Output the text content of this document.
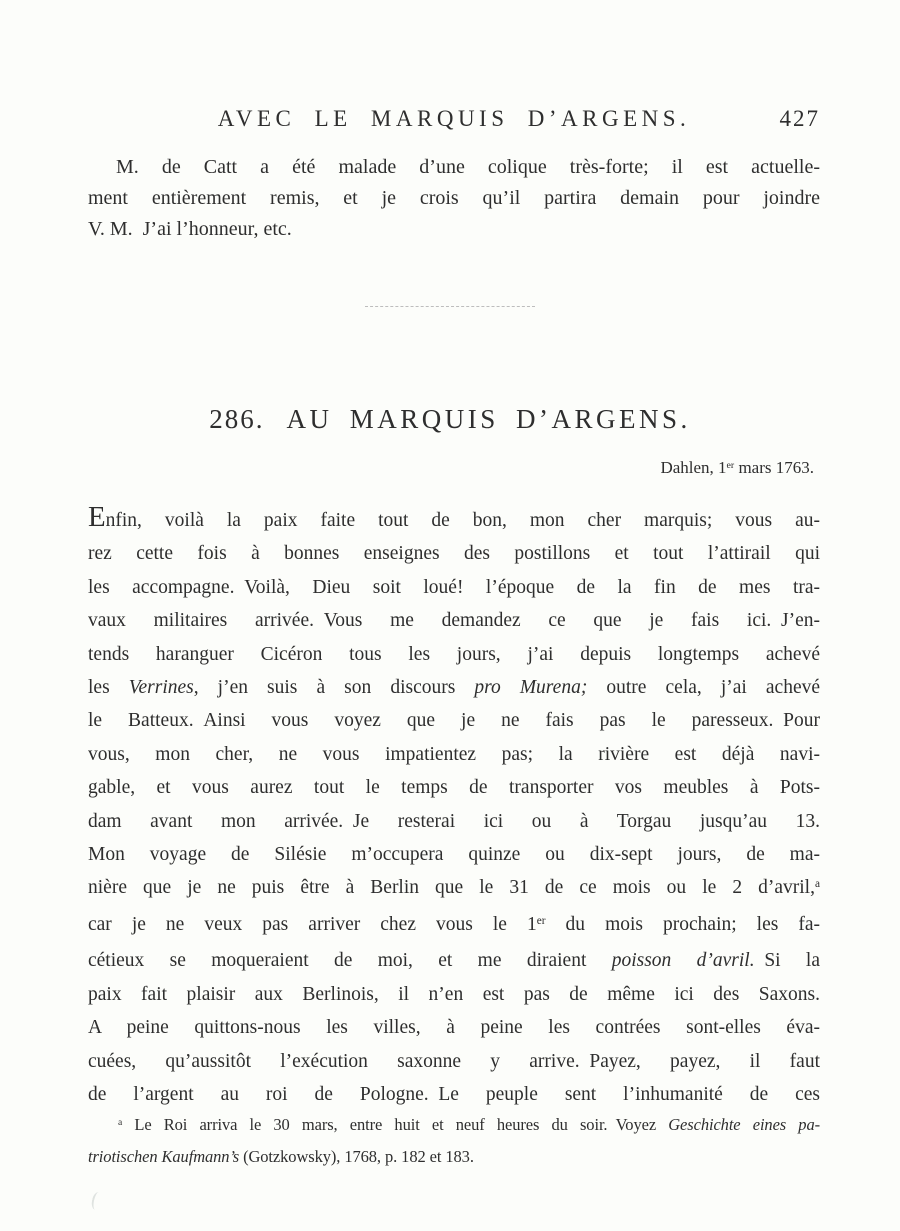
AVEC LE MARQUIS D’ARGENS.	427
M. de Catt a été malade d’une colique très-forte; il est actuelle-
ment entièrement remis, et je crois qu’il partira demain pour joindre
V. M. J’ai l’honneur, etc.
286. AU MARQUIS D’ARGENS.
Dahlen, 1er mars 1763.
Enfin, voilà la paix faite tout de bon, mon cher marquis; vous au-
rez cette fois à bonnes enseignes des postillons et tout l’attirail qui
les accompagne. Voilà, Dieu soit loué! l’époque de la fin de mes tra-
vaux militaires arrivée. Vous me demandez ce que je fais ici. J’en-
tends haranguer Cicéron tous les jours, j’ai depuis longtemps achevé
les Verrines, j’en suis à son discours pro Murena; outre cela, j’ai achevé
le Batteux. Ainsi vous voyez que je ne fais pas le paresseux. Pour
vous, mon cher, ne vous impatientez pas; la rivière est déjà navi-
gable, et vous aurez tout le temps de transporter vos meubles à Pots-
dam avant mon arrivée. Je resterai ici ou à Torgau jusqu’au 13.
Mon voyage de Silésie m’occupera quinze ou dix-sept jours, de ma-
nière que je ne puis être à Berlin que le 31 de ce mois ou le 2 d’avril,$^a$
car je ne veux pas arriver chez vous le 1er du mois prochain; les fa-
cétieux se moqueraient de moi, et me diraient poisson d’avril. Si la
paix fait plaisir aux Berlinois, il n’en est pas de même ici des Saxons.
A peine quittons-nous les villes, à peine les contrées sont-elles éva-
cuées, qu’aussitôt l’exécution saxonne y arrive. Payez, payez, il faut
de l’argent au roi de Pologne. Le peuple sent l’inhumanité de ces
$^a$ Le Roi arriva le 30 mars, entre huit et neuf heures du soir. Voyez Geschichte eines pa-
triotischen Kaufmann’s (Gotzkowsky), 1768, p. 182 et 183.
